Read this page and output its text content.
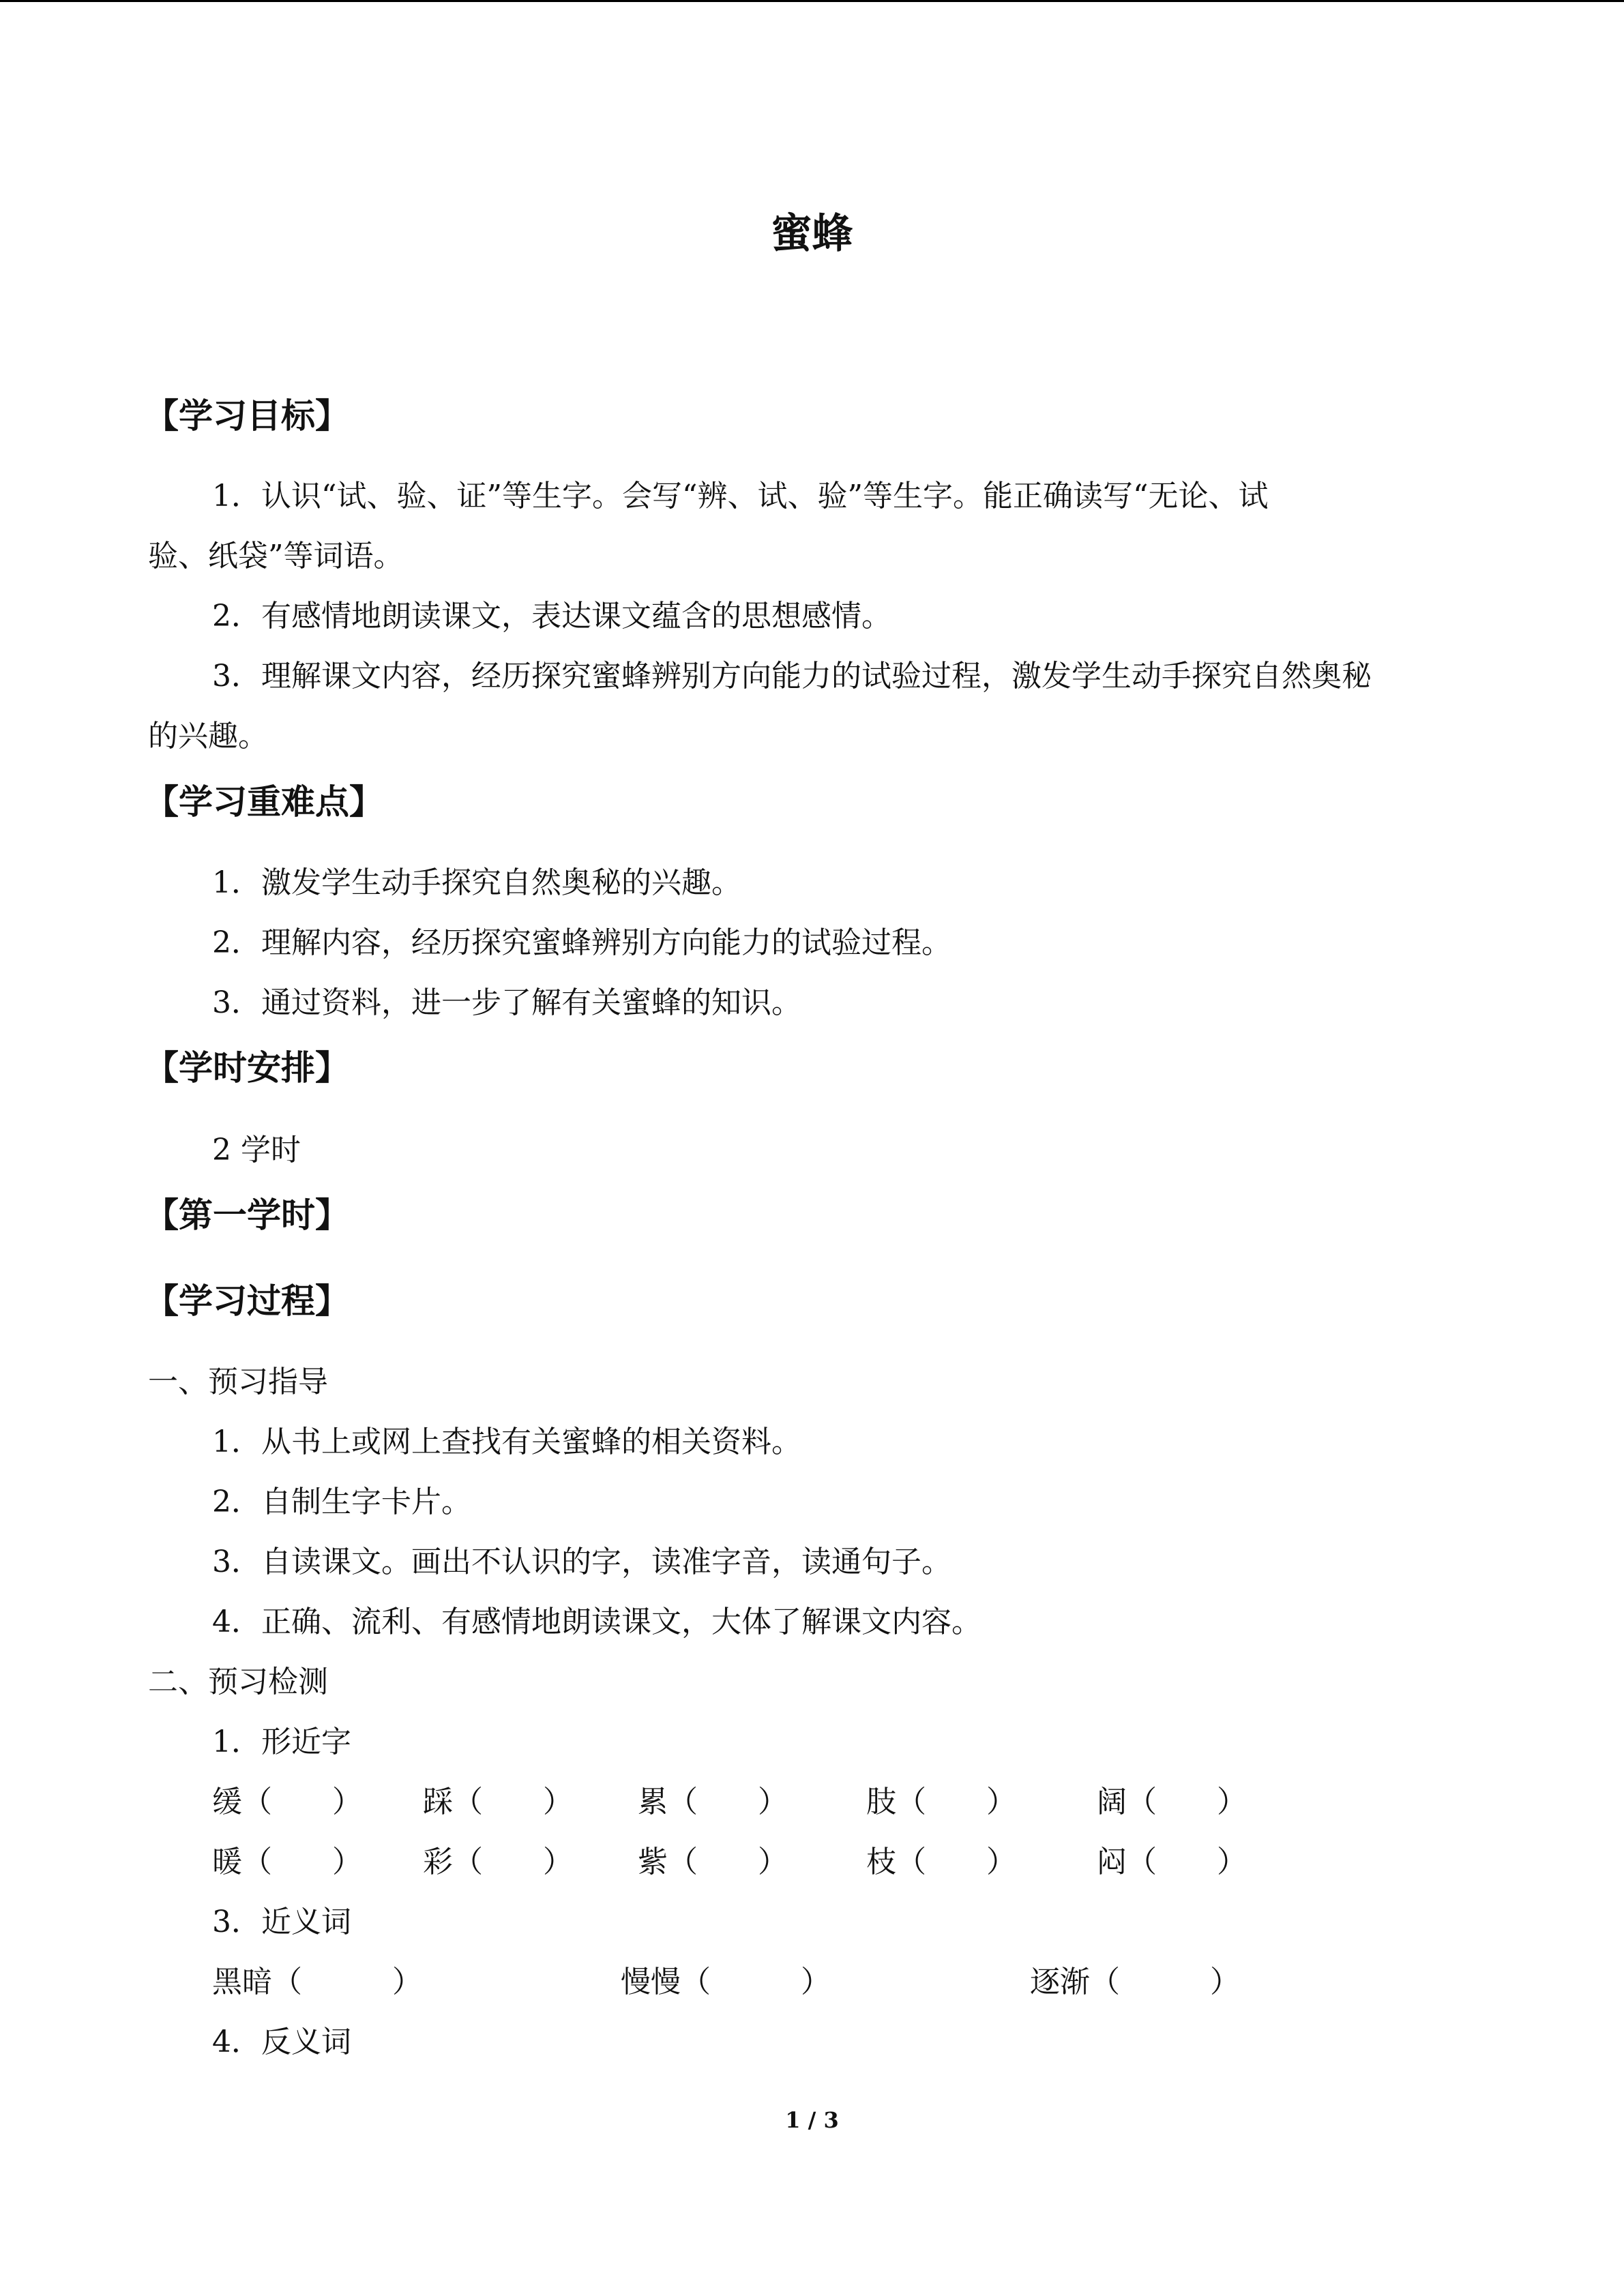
蜜蜂
【学习目标】
1．认识“试、验、证”等生字。会写“辨、试、验”等生字。能正确读写“无论、试
验、纸袋”等词语。
2．有感情地朗读课文，表达课文蕴含的思想感情。
3．理解课文内容，经历探究蜜蜂辨别方向能力的试验过程，激发学生动手探究自然奥秘
的兴趣。
【学习重难点】
1．激发学生动手探究自然奥秘的兴趣。
2．理解内容，经历探究蜜蜂辨别方向能力的试验过程。
3．通过资料，进一步了解有关蜜蜂的知识。
【学时安排】
2 学时
【第一学时】
【学习过程】
一、预习指导
1．从书上或网上查找有关蜜蜂的相关资料。
2．自制生字卡片。
3．自读课文。画出不认识的字，读准字音，读通句子。
4．正确、流利、有感情地朗读课文，大体了解课文内容。
二、预习检测
1．形近字
缓（　　） 踩（　　） 累（　　）	肢（　　）	阔（　　）
暖（　　） 彩（　　） 紫（　　）	枝（　　）	闷（　　）
3．近义词
黑暗（　　　）	慢慢（　　　）	逐渐（　　　）
4．反义词
1 / 3
